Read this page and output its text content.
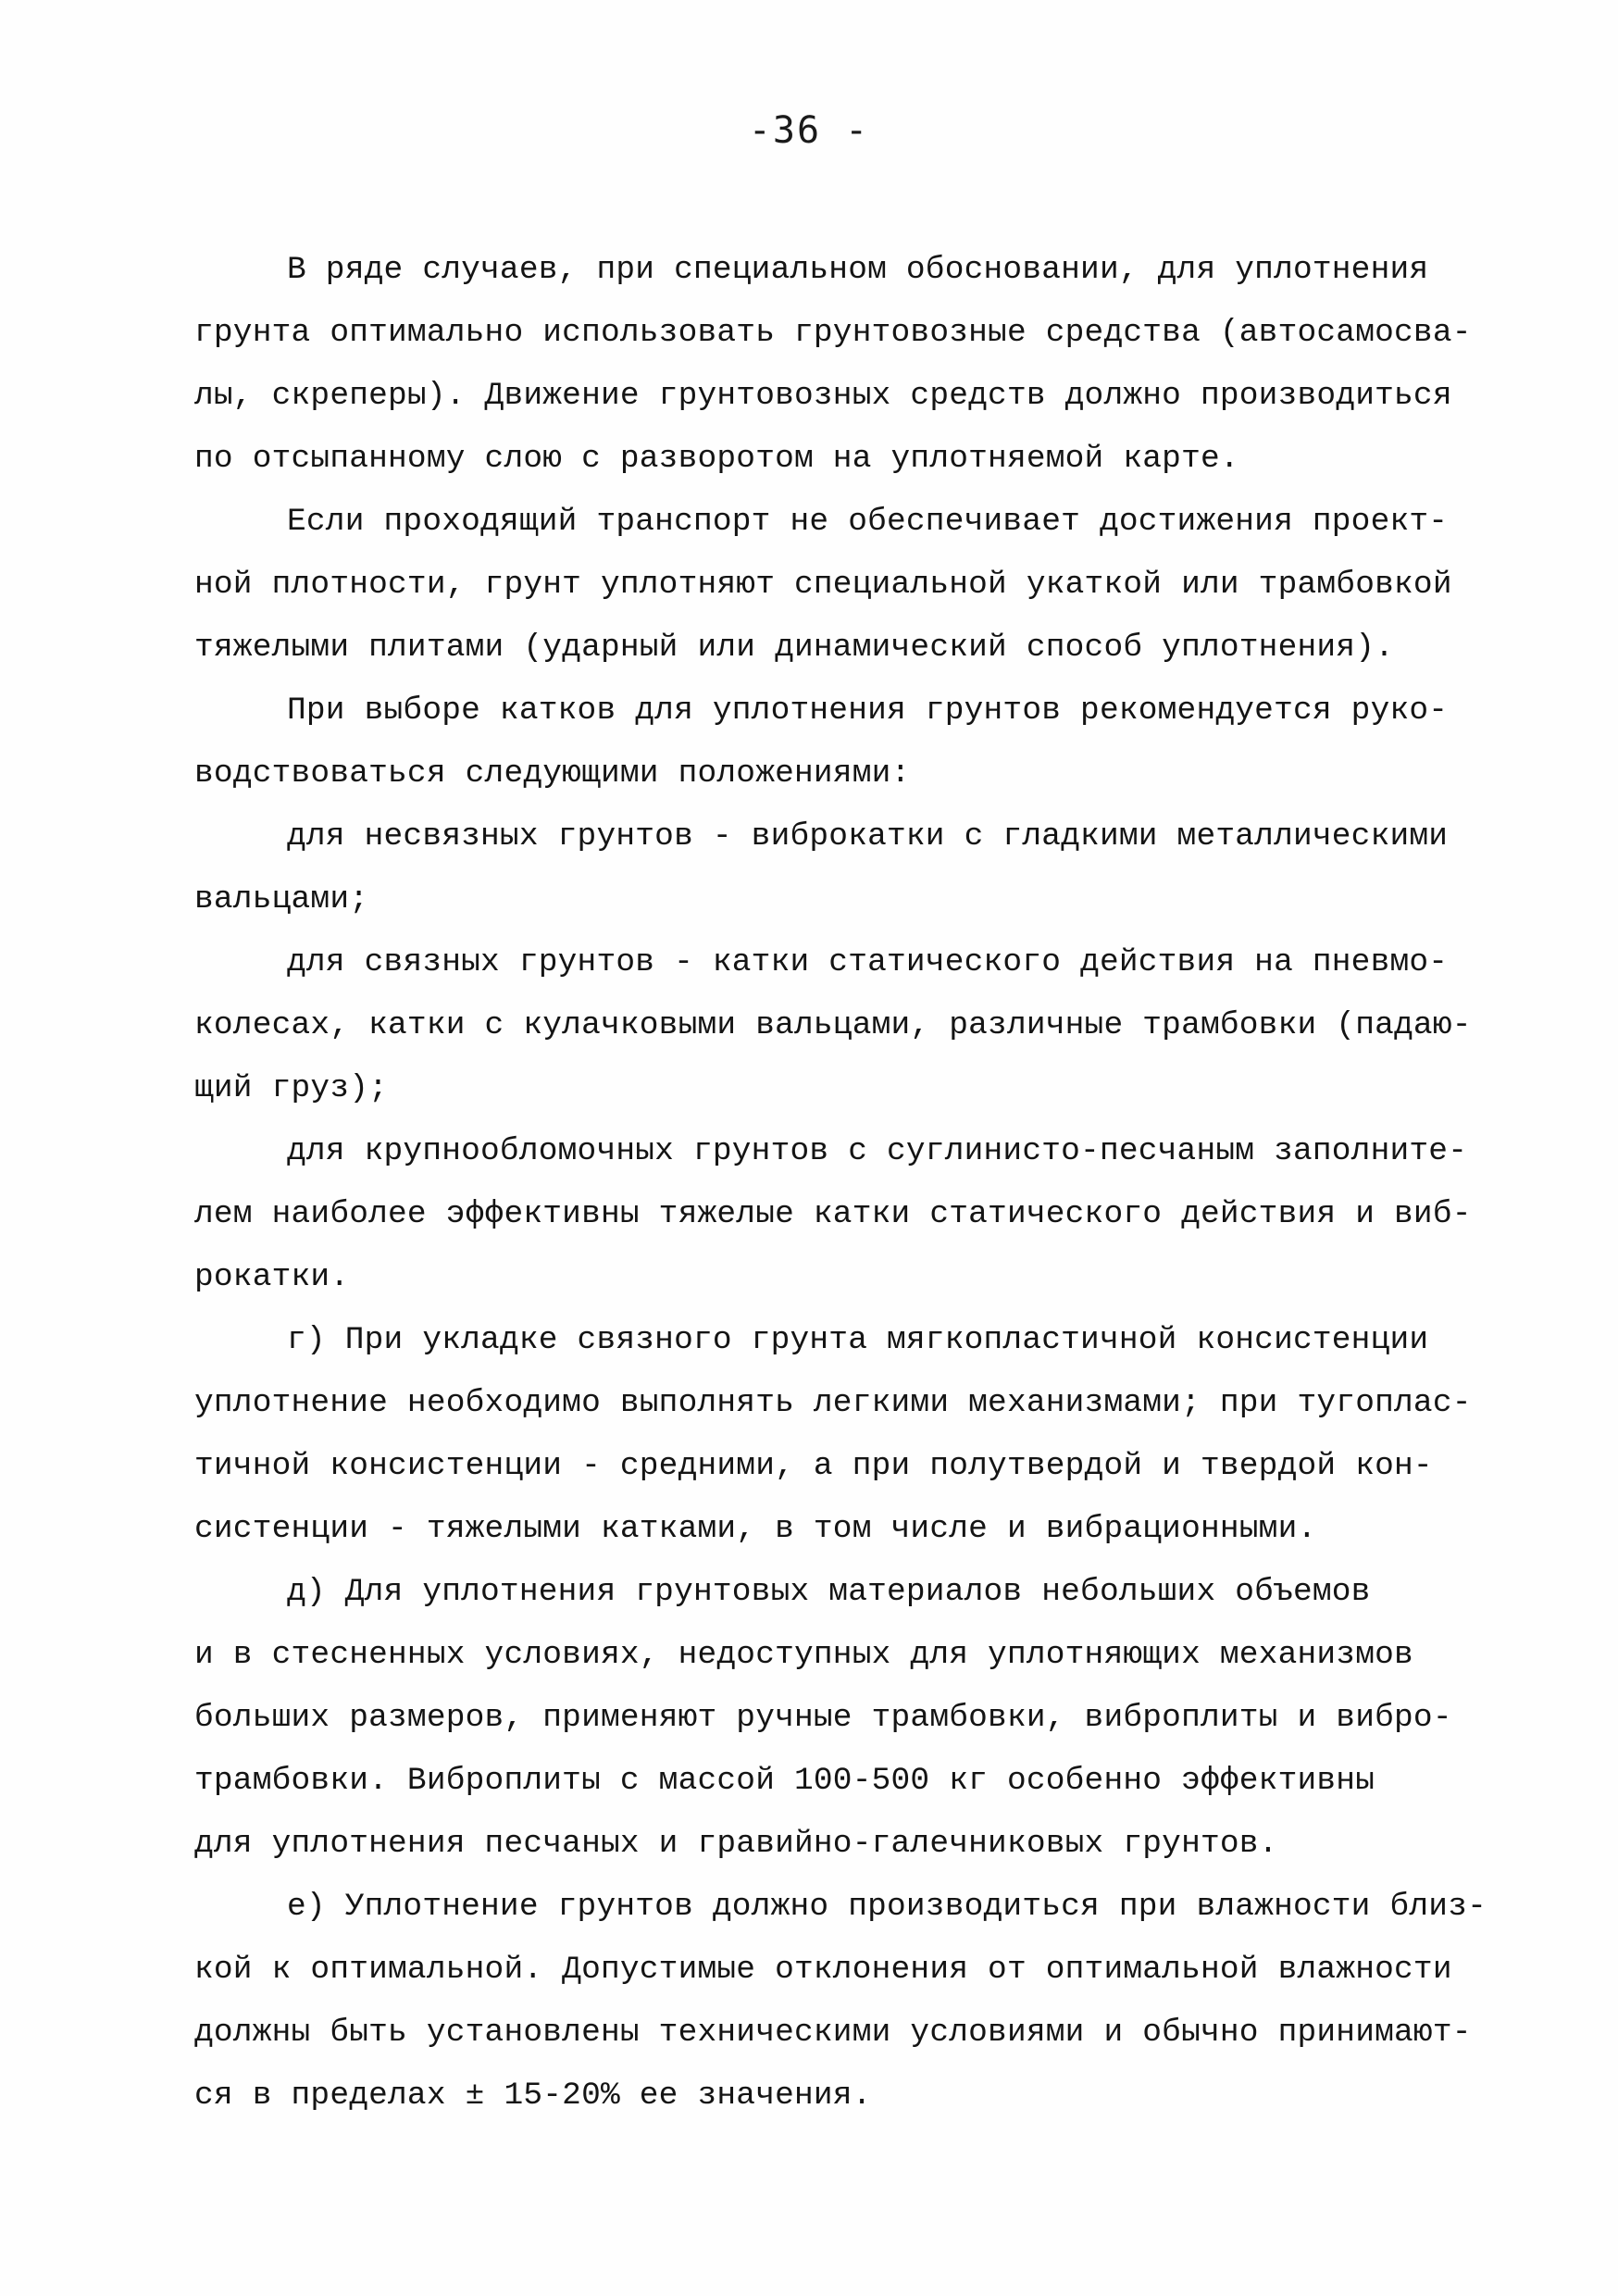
-36 -
В ряде случаев, при специальном обосновании, для уплотнения
грунта оптимально использовать грунтовозные средства (автосамосва-
лы, скреперы). Движение грунтовозных средств должно производиться
по отсыпанному слою с разворотом на уплотняемой карте.
Если проходящий транспорт не обеспечивает достижения проект-
ной плотности, грунт уплотняют специальной укаткой или трамбовкой
тяжелыми плитами (ударный или динамический способ уплотнения).
При выборе катков для уплотнения грунтов рекомендуется руко-
водствоваться следующими положениями:
для несвязных грунтов - виброкатки с гладкими металлическими
вальцами;
для связных грунтов - катки статического действия на пневмо-
колесах, катки с кулачковыми вальцами, различные трамбовки (падаю-
щий груз);
для крупнообломочных грунтов с суглинисто-песчаным заполните-
лем наиболее эффективны тяжелые катки статического действия и виб-
рокатки.
г) При укладке связного грунта мягкопластичной консистенции
уплотнение необходимо выполнять легкими механизмами; при тугоплас-
тичной консистенции - средними, а при полутвердой и твердой кон-
систенции - тяжелыми катками, в том числе и вибрационными.
д) Для уплотнения грунтовых материалов небольших объемов
и в стесненных условиях, недоступных для уплотняющих механизмов
больших размеров, применяют ручные трамбовки, виброплиты и вибро-
трамбовки. Виброплиты с массой 100-500 кг особенно эффективны
для уплотнения песчаных и гравийно-галечниковых грунтов.
е) Уплотнение грунтов должно производиться при влажности близ-
кой к оптимальной. Допустимые отклонения от оптимальной влажности
должны быть установлены техническими условиями и обычно принимают-
ся в пределах ± 15-20% ее значения.
